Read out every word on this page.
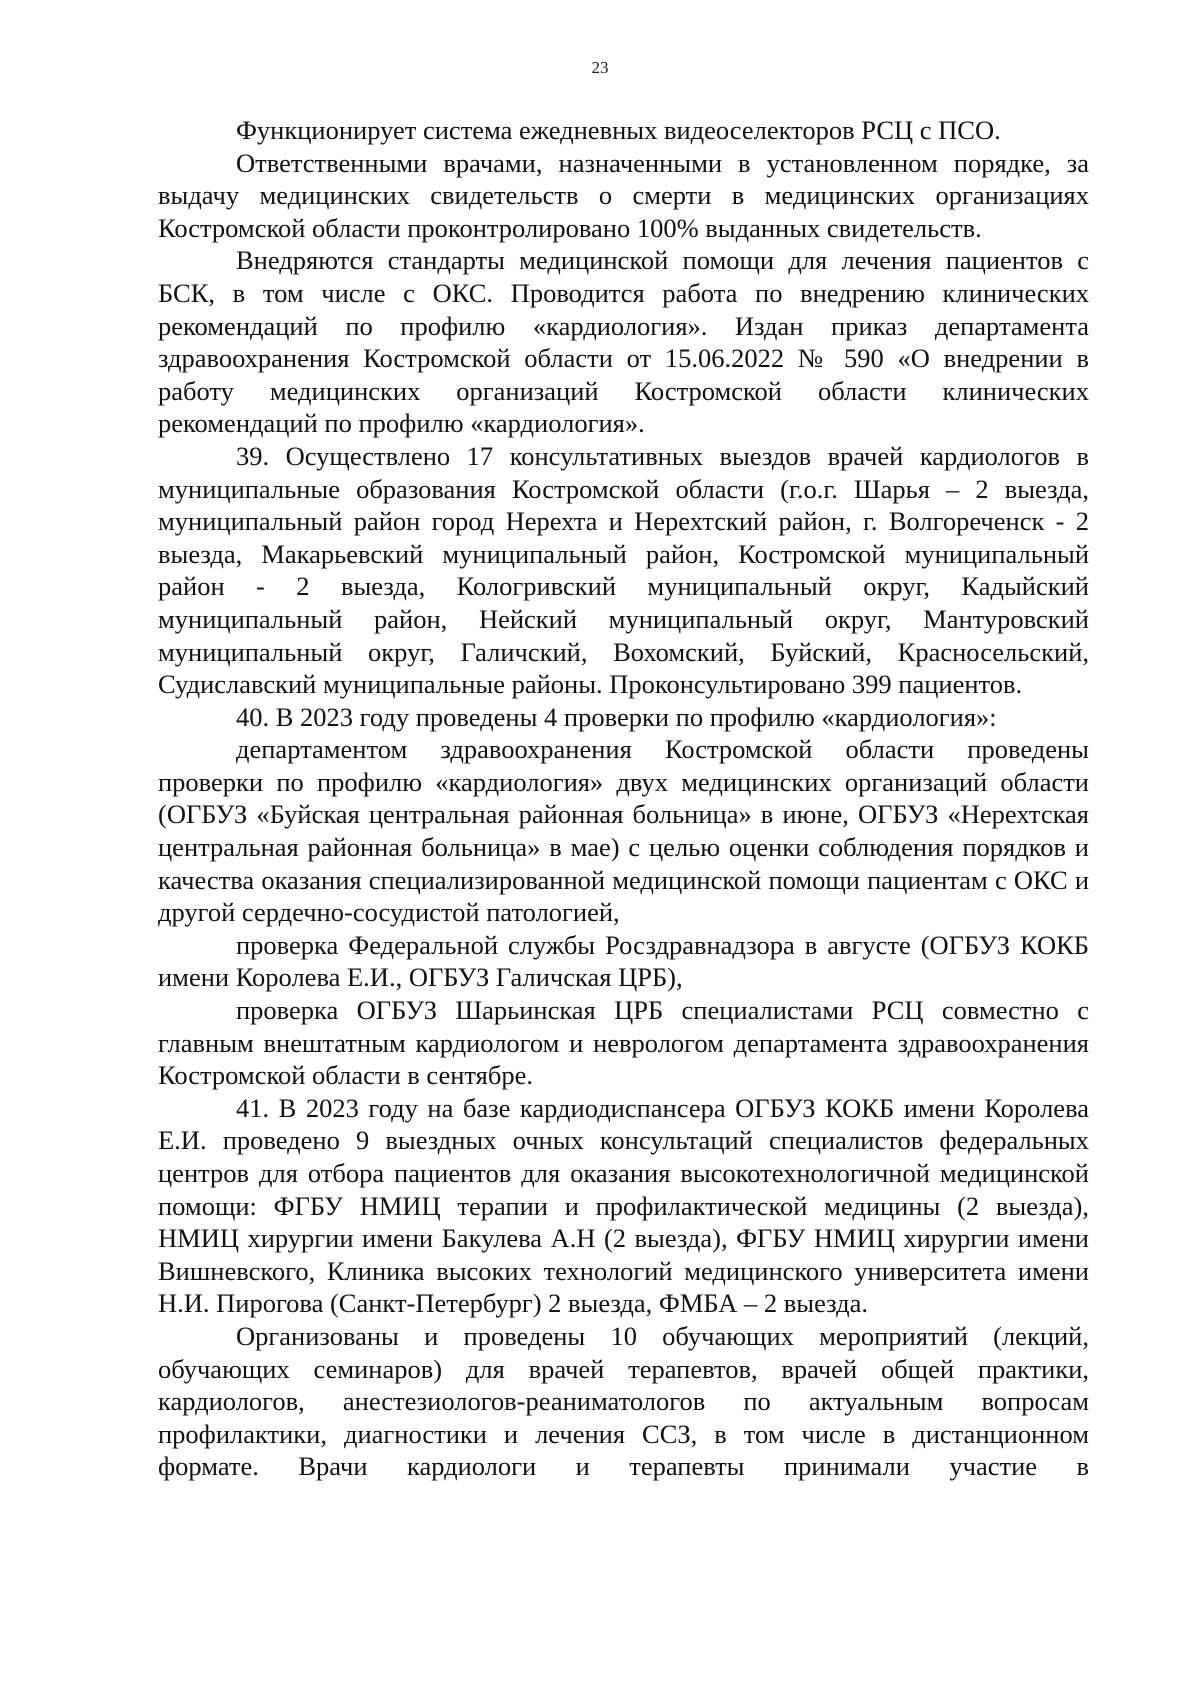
23

Функционирует система ежедневных видеоселекторов РСЦ с ПСО.

Ответственными врачами, назначенными в установленном порядке, за выдачу медицинских свидетельств о смерти в медицинских организациях Костромской области проконтролировано 100% выданных свидетельств.

Внедряются стандарты медицинской помощи для лечения пациентов с БСК, в том числе с ОКС. Проводится работа по внедрению клинических рекомендаций по профилю «кардиология». Издан приказ департамента здравоохранения Костромской области от 15.06.2022 № 590 «О внедрении в работу медицинских организаций Костромской области клинических рекомендаций по профилю «кардиология».

39. Осуществлено 17 консультативных выездов врачей кардиологов в муниципальные образования Костромской области (г.о.г. Шарья – 2 выезда, муниципальный район город Нерехта и Нерехтский район, г. Волгореченск - 2 выезда, Макарьевский муниципальный район, Костромской муниципальный район - 2 выезда, Кологривский муниципальный округ, Кадыйский муниципальный район, Нейский муниципальный округ, Мантуровский муниципальный округ, Галичский, Вохомский, Буйский, Красносельский, Судиславский муниципальные районы. Проконсультировано 399 пациентов.

40. В 2023 году проведены 4 проверки по профилю «кардиология»:

департаментом здравоохранения Костромской области проведены проверки по профилю «кардиология» двух медицинских организаций области (ОГБУЗ «Буйская центральная районная больница» в июне, ОГБУЗ «Нерехтская центральная районная больница» в мае) с целью оценки соблюдения порядков и качества оказания специализированной медицинской помощи пациентам с ОКС и другой сердечно-сосудистой патологией,

проверка Федеральной службы Росздравнадзора в августе (ОГБУЗ КОКБ имени Королева Е.И., ОГБУЗ Галичская ЦРБ),

проверка ОГБУЗ Шарьинская ЦРБ специалистами РСЦ совместно с главным внештатным кардиологом и неврологом департамента здравоохранения Костромской области в сентябре.

41. В 2023 году на базе кардиодиспансера ОГБУЗ КОКБ имени Королева Е.И. проведено 9 выездных очных консультаций специалистов федеральных центров для отбора пациентов для оказания высокотехнологичной медицинской помощи: ФГБУ НМИЦ терапии и профилактической медицины (2 выезда), НМИЦ хирургии имени Бакулева А.Н (2 выезда), ФГБУ НМИЦ хирургии имени Вишневского, Клиника высоких технологий медицинского университета имени Н.И. Пирогова (Санкт-Петербург) 2 выезда, ФМБА – 2 выезда.

Организованы и проведены 10 обучающих мероприятий (лекций, обучающих семинаров) для врачей терапевтов, врачей общей практики, кардиологов, анестезиологов-реаниматологов по актуальным вопросам профилактики, диагностики и лечения ССЗ, в том числе в дистанционном формате. Врачи кардиологи и терапевты принимали участие в
